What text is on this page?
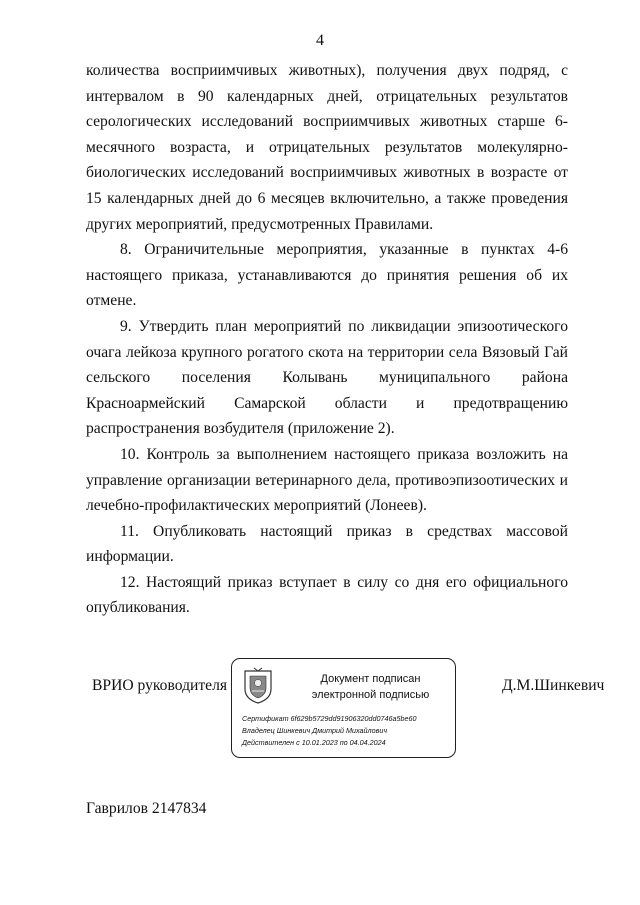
4

количества восприимчивых животных), получения двух подряд, с интервалом в 90 календарных дней, отрицательных результатов серологических исследований восприимчивых животных старше 6-месячного возраста, и отрицательных результатов молекулярно-биологических исследований восприимчивых животных в возрасте от 15 календарных дней до 6 месяцев включительно, а также проведения других мероприятий, предусмотренных Правилами.

8. Ограничительные мероприятия, указанные в пунктах 4-6 настоящего приказа, устанавливаются до принятия решения об их отмене.

9. Утвердить план мероприятий по ликвидации эпизоотического очага лейкоза крупного рогатого скота на территории села Вязовый Гай сельского поселения Колывань муниципального района Красноармейский Самарской области и предотвращению распространения возбудителя (приложение 2).

10. Контроль за выполнением настоящего приказа возложить на управление организации ветеринарного дела, противоэпизоотических и лечебно-профилактических мероприятий (Лонеев).

11. Опубликовать настоящий приказ в средствах массовой информации.

12. Настоящий приказ вступает в силу со дня его официального опубликования.

ВРИО руководителя	Документ подписан
электронной подписью
Сертификат 6f629b5729dd91906320dd0746a5be60
Владелец Шинкевич Дмитрий Михайлович
Действителен с 10.01.2023 по 04.04.2024
Д.М.Шинкевич
Гаврилов 2147834
